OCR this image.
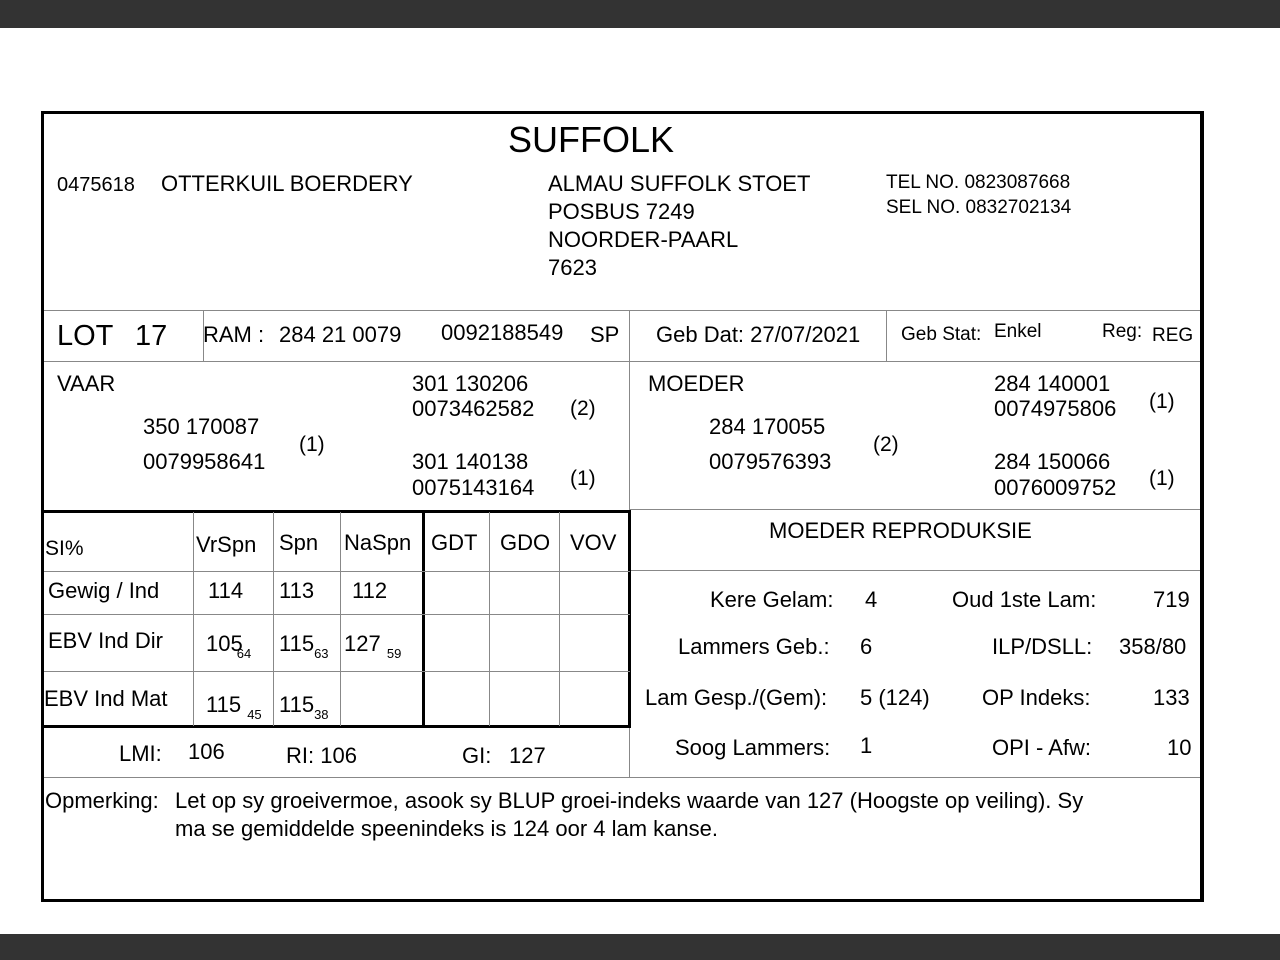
SUFFOLK
0475618 OTTERKUIL BOERDERY	ALMAU SUFFOLK STOET
POSBUS 7249
NOORDER-PAARL
7623
TEL NO. 0823087668
SEL NO. 0832702134
LOT 17 RAM : 284 21 0079 0092188549 SP Geb Dat: 27/07/2021 Geb Stat: Enkel	Reg: REG
VAAR
350 170087
0079958641
(1)
301 130206
0073462582 (2)
301 140138
0075143164 (1)
MOEDER
284 170055
0079576393
(2)
284 140001
0074975806 (1)
284 150066
0076009752 (1)
SI%	VrSpn Spn NaSpn GDT GDO VOV
Gewig / Ind 114 113 112
EBV Ind Dir $105_{64}$ $115_{63}$ 127 $_{59}$
EBV Ind Mat 115 $_{45}$ $115_{38}$
LMI: 106	RI: 106	GI: 127
MOEDER REPRODUKSIE
Kere Gelam: 4	Oud 1ste Lam:	719
Lammers Geb.: 6	ILP/DSLL: 358/80
Lam Gesp./(Gem): 5 (124) OP Indeks:	133
Soog Lammers: 1	OPI - Afw:	10
Opmerking: Let op sy groeivermoe, asook sy BLUP groei-indeks waarde van 127 (Hoogste op veiling). Sy
ma se gemiddelde speenindeks is 124 oor 4 lam kanse.
